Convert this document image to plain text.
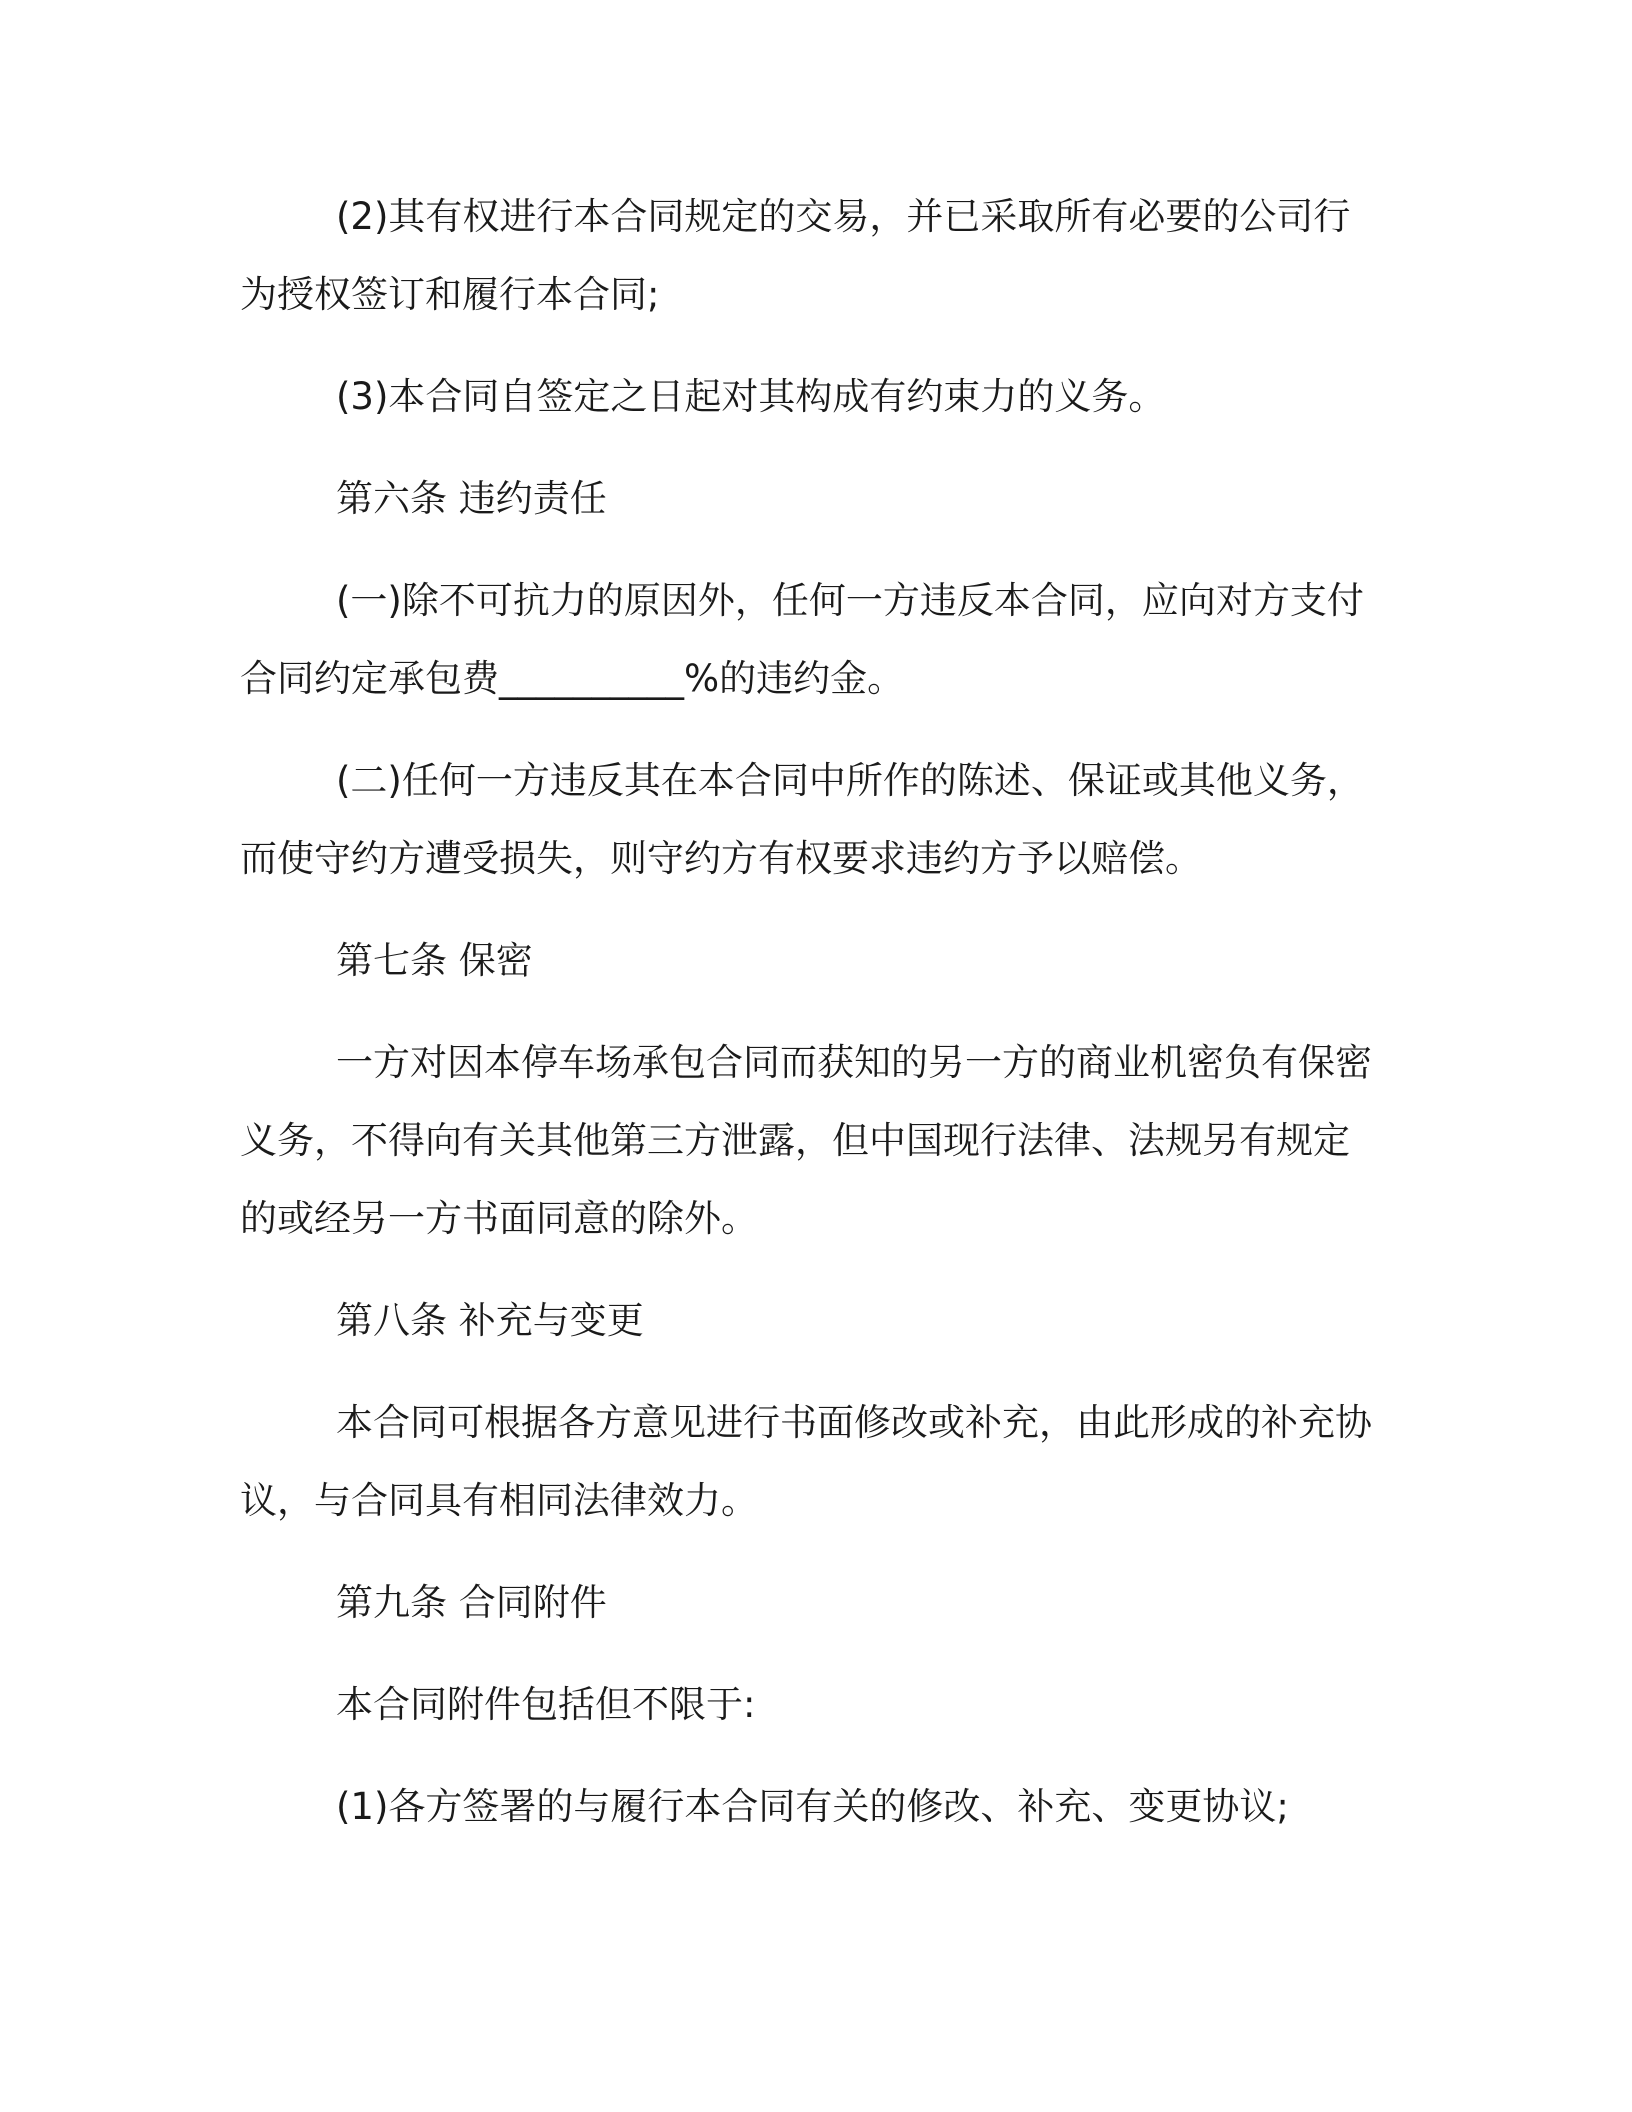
(2)其有权进行本合同规定的交易，并已采取所有必要的公司行
为授权签订和履行本合同;
(3)本合同自签定之日起对其构成有约束力的义务。
第六条 违约责任
(一)除不可抗力的原因外，任何一方违反本合同，应向对方支付
合同约定承包费__________%的违约金。
(二)任何一方违反其在本合同中所作的陈述、保证或其他义务，
而使守约方遭受损失，则守约方有权要求违约方予以赔偿。
第七条 保密
一方对因本停车场承包合同而获知的另一方的商业机密负有保密
义务，不得向有关其他第三方泄露，但中国现行法律、法规另有规定
的或经另一方书面同意的除外。
第八条 补充与变更
本合同可根据各方意见进行书面修改或补充，由此形成的补充协
议，与合同具有相同法律效力。
第九条 合同附件
本合同附件包括但不限于:
(1)各方签署的与履行本合同有关的修改、补充、变更协议;
